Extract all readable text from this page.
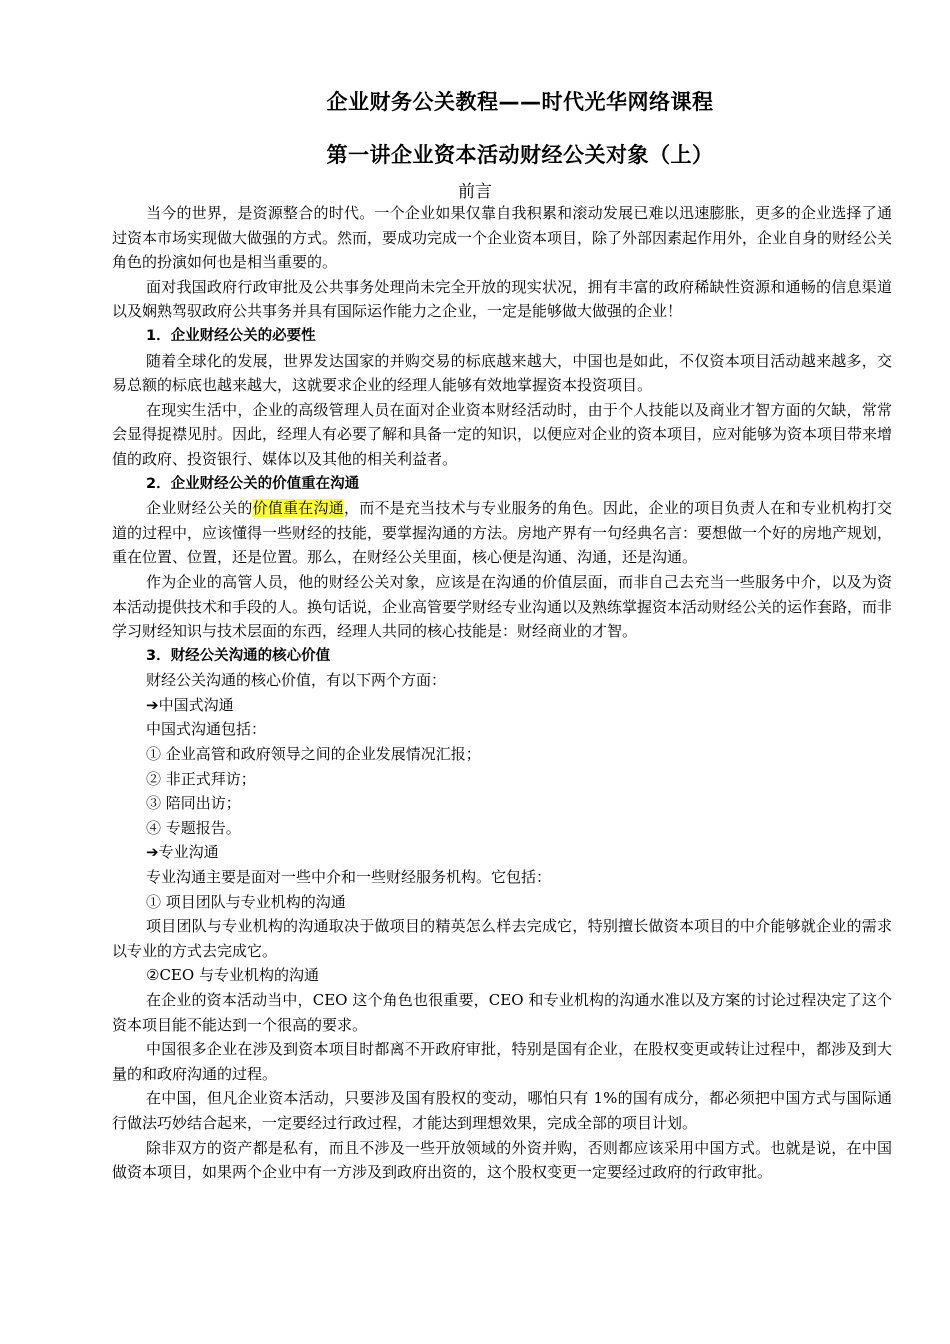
企业财务公关教程——时代光华网络课程
第一讲企业资本活动财经公关对象（上）
前言

当今的世界，是资源整合的时代。一个企业如果仅靠自我积累和滚动发展已难以迅速膨胀，更多的企业选择了通过资本市场实现做大做强的方式。然而，要成功完成一个企业资本项目，除了外部因素起作用外，企业自身的财经公关角色的扮演如何也是相当重要的。

面对我国政府行政审批及公共事务处理尚未完全开放的现实状况，拥有丰富的政府稀缺性资源和通畅的信息渠道以及娴熟驾驭政府公共事务并具有国际运作能力之企业，一定是能够做大做强的企业！

1．企业财经公关的必要性

随着全球化的发展，世界发达国家的并购交易的标底越来越大，中国也是如此，不仅资本项目活动越来越多，交易总额的标底也越来越大，这就要求企业的经理人能够有效地掌握资本投资项目。

在现实生活中，企业的高级管理人员在面对企业资本财经活动时，由于个人技能以及商业才智方面的欠缺，常常会显得捉襟见肘。因此，经理人有必要了解和具备一定的知识，以便应对企业的资本项目，应对能够为资本项目带来增值的政府、投资银行、媒体以及其他的相关利益者。

2．企业财经公关的价值重在沟通

企业财经公关的价值重在沟通，而不是充当技术与专业服务的角色。因此，企业的项目负责人在和专业机构打交道的过程中，应该懂得一些财经的技能，要掌握沟通的方法。房地产界有一句经典名言：要想做一个好的房地产规划，重在位置、位置，还是位置。那么，在财经公关里面，核心便是沟通、沟通，还是沟通。

作为企业的高管人员，他的财经公关对象，应该是在沟通的价值层面，而非自己去充当一些服务中介，以及为资本活动提供技术和手段的人。换句话说，企业高管要学财经专业沟通以及熟练掌握资本活动财经公关的运作套路，而非学习财经知识与技术层面的东西，经理人共同的核心技能是：财经商业的才智。

3．财经公关沟通的核心价值
财经公关沟通的核心价值，有以下两个方面：
➔中国式沟通
中国式沟通包括：
① 企业高管和政府领导之间的企业发展情况汇报；
② 非正式拜访；
③ 陪同出访；
④ 专题报告。
➔专业沟通
专业沟通主要是面对一些中介和一些财经服务机构。它包括：
① 项目团队与专业机构的沟通

项目团队与专业机构的沟通取决于做项目的精英怎么样去完成它，特别擅长做资本项目的中介能够就企业的需求以专业的方式去完成它。

②CEO 与专业机构的沟通

在企业的资本活动当中，CEO 这个角色也很重要，CEO 和专业机构的沟通水准以及方案的讨论过程决定了这个资本项目能不能达到一个很高的要求。

中国很多企业在涉及到资本项目时都离不开政府审批，特别是国有企业，在股权变更或转让过程中，都涉及到大量的和政府沟通的过程。

在中国，但凡企业资本活动，只要涉及国有股权的变动，哪怕只有 1%的国有成分，都必须把中国方式与国际通行做法巧妙结合起来，一定要经过行政过程，才能达到理想效果，完成全部的项目计划。

除非双方的资产都是私有，而且不涉及一些开放领域的外资并购，否则都应该采用中国方式。也就是说，在中国做资本项目，如果两个企业中有一方涉及到政府出资的，这个股权变更一定要经过政府的行政审批。
